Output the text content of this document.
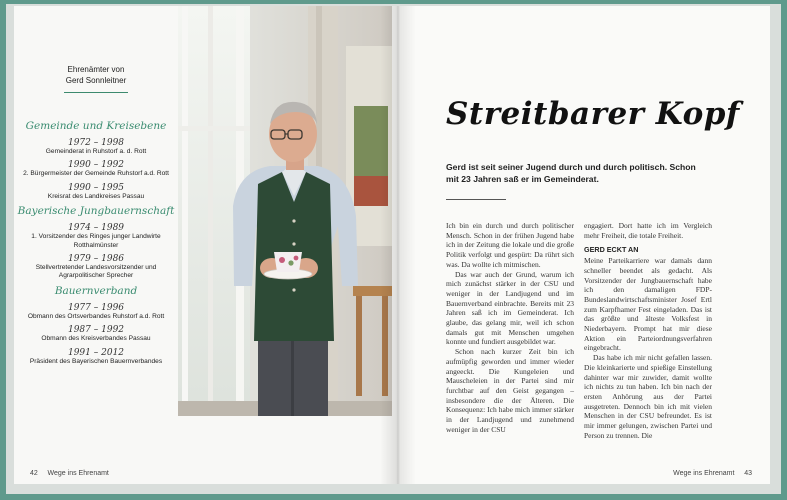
Ehrenämter von
Gerd Sonnleitner
Gemeinde und Kreisebene
1972 – 1998
Gemeinderat in Ruhstorf a. d. Rott
1990 – 1992
2. Bürgermeister der Gemeinde Ruhstorf a.d. Rott
1990 – 1995
Kreisrat des Landkreises Passau
Bayerische Jungbauernschaft
1974 – 1989
1. Vorsitzender des Ringes junger Landwirte Rotthalmünster
1979 – 1986
Stellvertretender Landesvorsitzender und Agrarpolitischer Sprecher
Bauernverband
1977 – 1996
Obmann des Ortsverbandes Ruhstorf a.d. Rott
1987 – 1992
Obmann des Kreisverbandes Passau
1991 – 2012
Präsident des Bayerischen Bauernverbandes
42 Wege ins Ehrenamt
Streitbarer Kopf
Gerd ist seit seiner Jugend durch und durch politisch. Schon mit 23 Jahren saß er im Gemeinderat.

Ich bin ein durch und durch politischer Mensch. Schon in der frühen Jugend habe ich in der Zeitung die lokale und die große Politik verfolgt und gespürt: Da rührt sich was. Da wollte ich mitmischen.

Das war auch der Grund, warum ich mich zunächst stärker in der CSU und weniger in der Landjugend und im Bauernverband einbrachte. Bereits mit 23 Jahren saß ich im Gemeinderat. Ich glaube, das gelang mir, weil ich schon damals gut mit Menschen umgehen konnte und fundiert ausgebildet war.

Schon nach kurzer Zeit bin ich aufmüpfig geworden und immer wieder angeeckt. Die Kungeleien und Mauscheleien in der Partei sind mir furchtbar auf den Geist gegangen – insbesondere die der Älteren. Die Konsequenz: Ich habe mich immer stärker in der Landjugend und zunehmend weniger in der CSU

engagiert. Dort hatte ich im Vergleich mehr Freiheit, die totale Freiheit.

GERD ECKT AN

Meine Parteikarriere war damals dann schneller beendet als gedacht. Als Vorsitzender der Jungbauernschaft habe ich den damaligen FDP-Bundeslandwirtschaftsminister Josef Ertl zum Karpfhamer Fest eingeladen. Das ist das größte und älteste Volksfest in Niederbayern. Prompt hat mir diese Aktion ein Parteiordnungsverfahren eingebracht.

Das habe ich mir nicht gefallen lassen. Die kleinkarierte und spießige Einstellung dahinter war mir zuwider, damit wollte ich nichts zu tun haben. Ich bin nach der ersten Anhörung aus der Partei ausgetreten. Dennoch bin ich mit vielen Menschen in der CSU befreundet. Es ist mir immer gelungen, zwischen Partei und Person zu trennen. Die

Wege ins Ehrenamt 43
